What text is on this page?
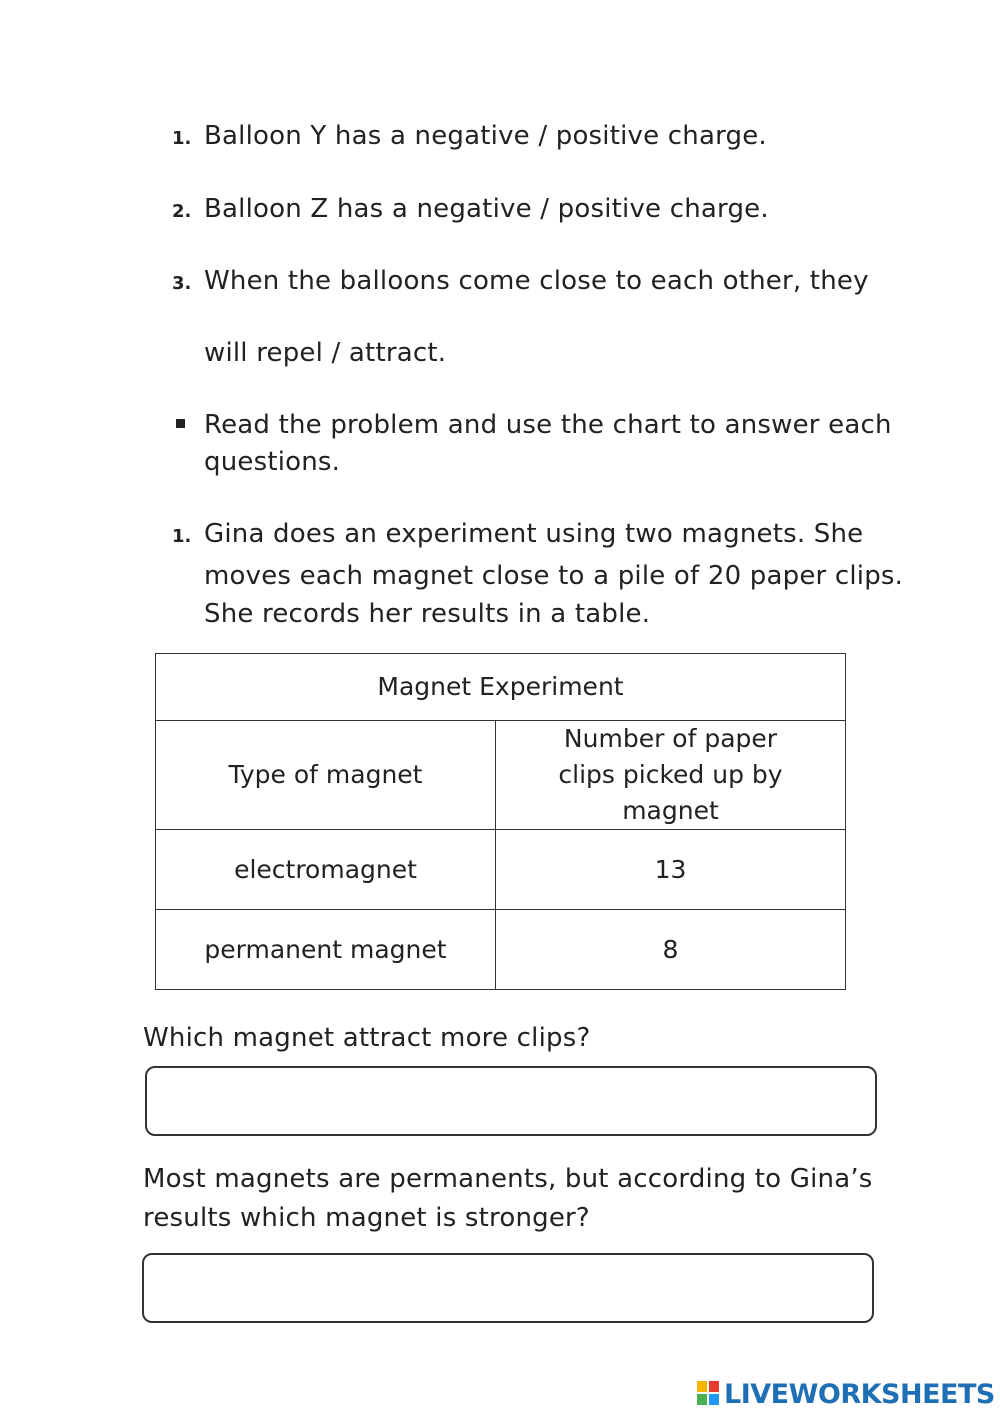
1. Balloon Y has a negative / positive charge.
2. Balloon Z has a negative / positive charge.
3. When the balloons come close to each other, they
will repel / attract.
Read the problem and use the chart to answer each
questions.
1. Gina does an experiment using two magnets. She
moves each magnet close to a pile of 20 paper clips.
She records her results in a table.
Magnet Experiment	
Type of magnet	Number of paper clips picked up by magnet
electromagnet	13
permanent magnet	8
Which magnet attract more clips?
Most magnets are permanents, but according to Gina’s
results which magnet is stronger?
LIVEWORKSHEETS
